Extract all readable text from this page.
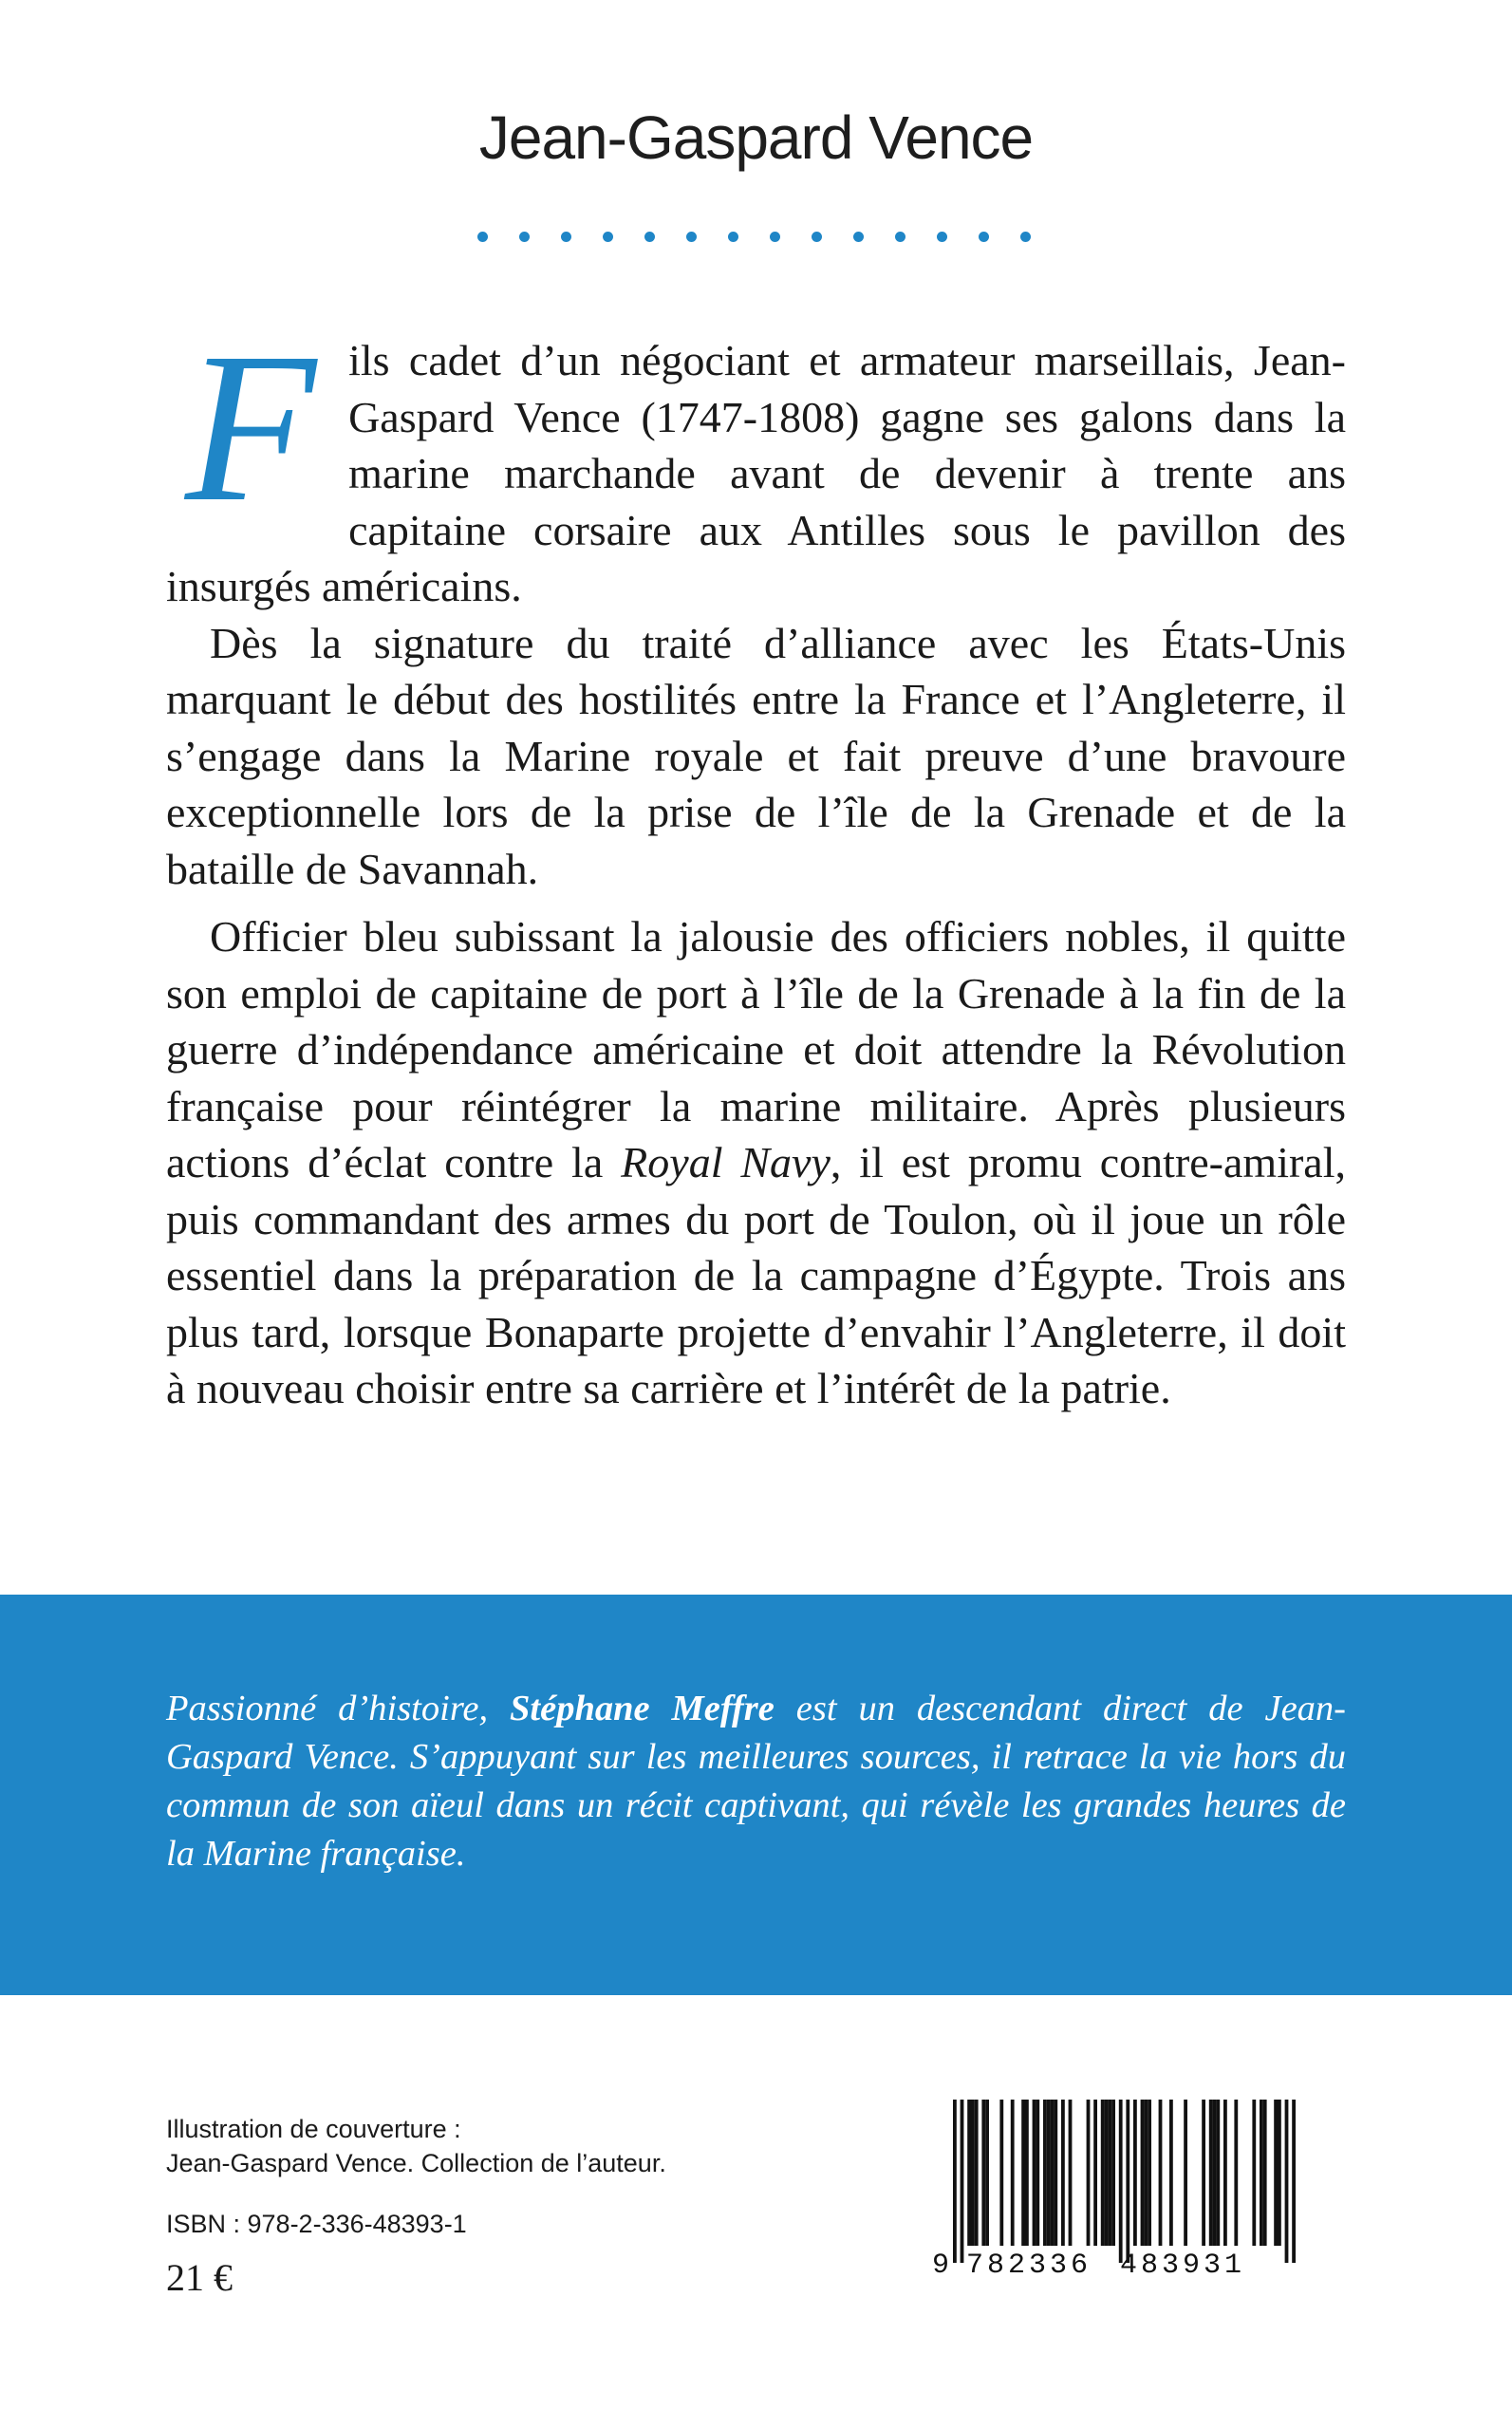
Jean-Gaspard Vence

Fils cadet d’un négociant et armateur marseillais, Jean-Gaspard Vence (1747-1808) gagne ses galons dans la marine marchande avant de devenir à trente ans capitaine corsaire aux Antilles sous le pavillon des insurgés américains.

Dès la signature du traité d’alliance avec les États-Unis marquant le début des hostilités entre la France et l’Angleterre, il s’engage dans la Marine royale et fait preuve d’une bravoure exceptionnelle lors de la prise de l’île de la Grenade et de la bataille de Savannah.

Officier bleu subissant la jalousie des officiers nobles, il quitte son emploi de capitaine de port à l’île de la Grenade à la fin de la guerre d’indépendance américaine et doit attendre la Révolution française pour réintégrer la marine militaire. Après plusieurs actions d’éclat contre la Royal Navy, il est promu contre-amiral, puis commandant des armes du port de Toulon, où il joue un rôle essentiel dans la préparation de la campagne d’Égypte. Trois ans plus tard, lorsque Bonaparte projette d’envahir l’Angleterre, il doit à nouveau choisir entre sa carrière et l’intérêt de la patrie.

Passionné d’histoire, Stéphane Meffre est un descendant direct de Jean-Gaspard Vence. S’appuyant sur les meilleures sources, il retrace la vie hors du commun de son aïeul dans un récit captivant, qui révèle les grandes heures de la Marine française.
Illustration de couverture :
Jean-Gaspard Vence. Collection de l’auteur.
ISBN : 978-2-336-48393-1
21 €	9 782336 483931
